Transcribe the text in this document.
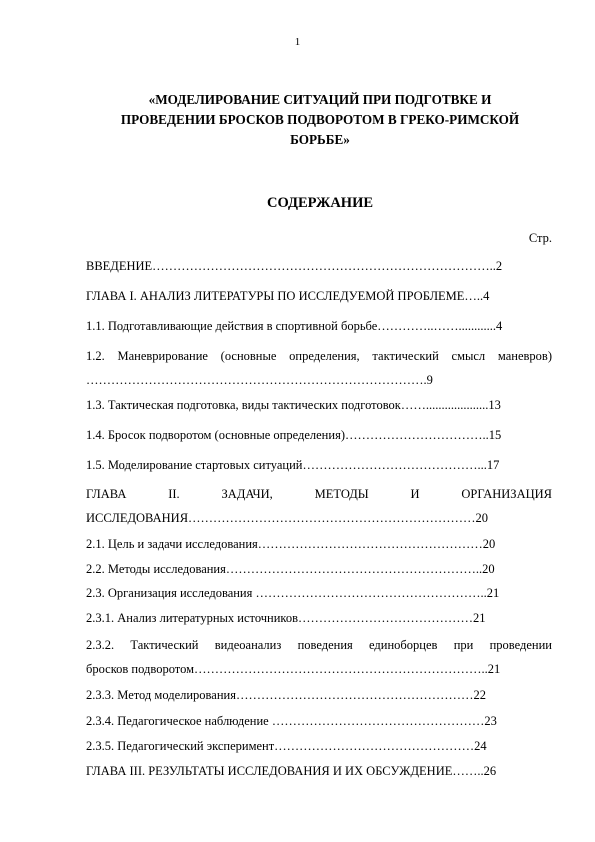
1
«МОДЕЛИРОВАНИЕ СИТУАЦИЙ ПРИ ПОДГОТВКЕ И ПРОВЕДЕНИИ БРОСКОВ ПОДВОРОТОМ В ГРЕКО-РИМСКОЙ БОРЬБЕ»
СОДЕРЖАНИЕ
Стр.
ВВЕДЕНИЕ………………………………………………………………………..2
ГЛАВА I. АНАЛИЗ ЛИТЕРАТУРЫ ПО ИССЛЕДУЕМОЙ ПРОБЛЕМЕ…..4
1.1. Подготавливающие действия в спортивной борьбе…………..……............4
1.2. Маневрирование (основные определения, тактический смысл маневров)
……………………………………………………………………….9
1.3. Тактическая подготовка, виды тактических подготовок……....................13
1.4. Бросок подворотом (основные определения)……………………………..15
1.5. Моделирование стартовых ситуаций……………………………………...17
ГЛАВА II. ЗАДАЧИ, МЕТОДЫ И ОРГАНИЗАЦИЯ
ИССЛЕДОВАНИЯ……………………………………………………………20
2.1. Цель и задачи исследования………………………………………………20
2.2. Методы исследования……………………………………………………..20
2.3. Организация исследования ………………………………………………..21
2.3.1. Анализ литературных источников……………………………………21
2.3.2. Тактический видеоанализ поведения единоборцев при проведении
бросков подворотом……………………………………………………………..21
2.3.3. Метод моделирования…………………………………………………22
2.3.4. Педагогическое наблюдение ……………………………………………23
2.3.5. Педагогический эксперимент…………………………………………24
ГЛАВА III. РЕЗУЛЬТАТЫ ИССЛЕДОВАНИЯ И ИХ ОБСУЖДЕНИЕ……..26
